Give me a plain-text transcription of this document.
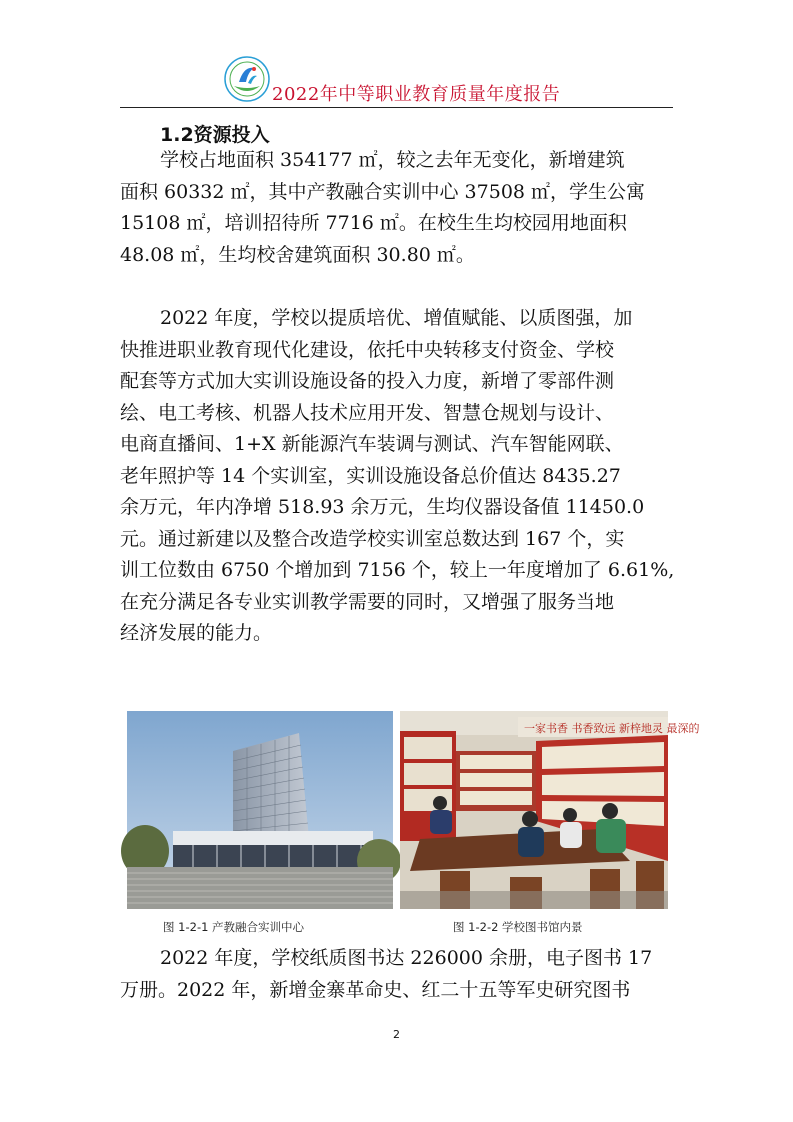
2022年中等职业教育质量年度报告
1.2资源投入
学校占地面积 354177 ㎡，较之去年无变化，新增建筑
面积 60332 ㎡，其中产教融合实训中心 37508 ㎡，学生公寓
15108 ㎡，培训招待所 7716 ㎡。在校生生均校园用地面积
48.08 ㎡，生均校舍建筑面积 30.80 ㎡。
2022 年度，学校以提质培优、增值赋能、以质图强，加
快推进职业教育现代化建设，依托中央转移支付资金、学校
配套等方式加大实训设施设备的投入力度，新增了零部件测
绘、电工考核、机器人技术应用开发、智慧仓规划与设计、
电商直播间、1+X 新能源汽车装调与测试、汽车智能网联、
老年照护等 14 个实训室，实训设施设备总价值达 8435.27
余万元，年内净增 518.93 余万元，生均仪器设备值 11450.0
元。通过新建以及整合改造学校实训室总数达到 167 个，实
训工位数由 6750 个增加到 7156 个，较上一年度增加了 6.61%,
在充分满足各专业实训教学需要的同时，又增强了服务当地
经济发展的能力。
一家书香 书香致远 新梓地灵 最深的
图 1-2-1 产教融合实训中心	图 1-2-2 学校图书馆内景
2022 年度，学校纸质图书达 226000 余册，电子图书 17
万册。2022 年，新增金寨革命史、红二十五等军史研究图书
2
